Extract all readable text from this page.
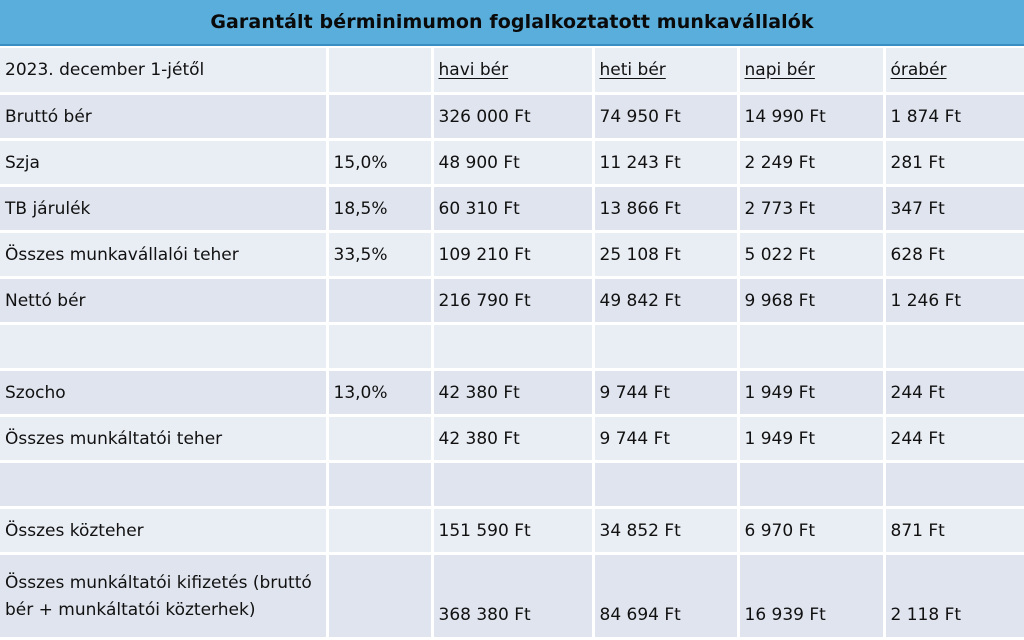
Garantált bérminimumon foglalkoztatott munkavállalók
2023. december 1-jétől		havi bér	heti bér	napi bér	órabér
Bruttó bér		326 000 Ft	74 950 Ft	14 990 Ft	1 874 Ft
Szja	15,0%	48 900 Ft	11 243 Ft	2 249 Ft	281 Ft
TB járulék	18,5%	60 310 Ft	13 866 Ft	2 773 Ft	347 Ft
Összes munkavállalói teher	33,5%	109 210 Ft	25 108 Ft	5 022 Ft	628 Ft
Nettó bér		216 790 Ft	49 842 Ft	9 968 Ft	1 246 Ft

Szocho	13,0%	42 380 Ft	9 744 Ft	1 949 Ft	244 Ft
Összes munkáltatói teher		42 380 Ft	9 744 Ft	1 949 Ft	244 Ft

Összes közteher		151 590 Ft	34 852 Ft	6 970 Ft	871 Ft
Összes munkáltatói kifizetés (bruttó bér + munkáltatói közterhek)		368 380 Ft	84 694 Ft	16 939 Ft	2 118 Ft
